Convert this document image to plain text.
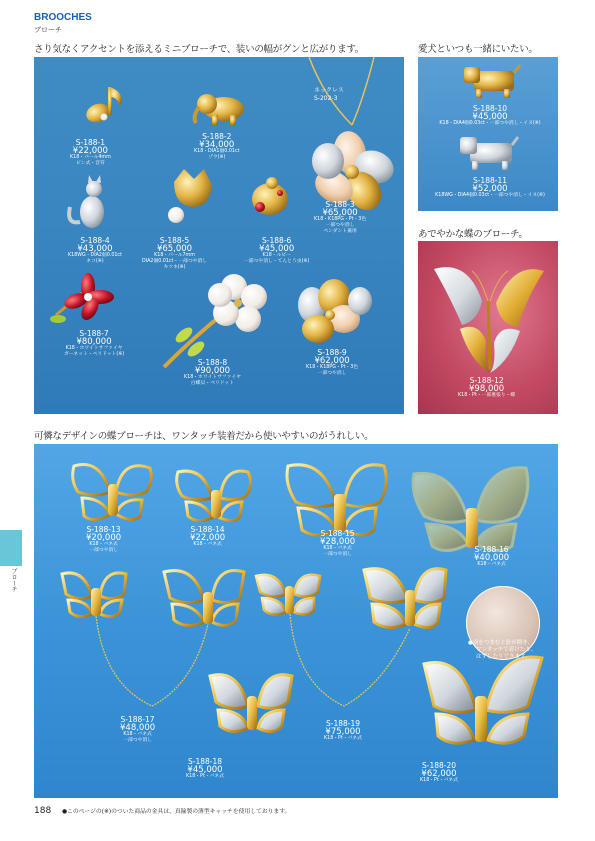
BROOCHES
ブローチ
さり気なくアクセントを添えるミニブローチで、装いの幅がグンと広がります。	愛犬といつも一緒にいたい。
あでやかな蝶のブローチ。
可憐なデザインの蝶ブローチは、ワンタッチ装着だから使いやすいのがうれしい。
ネックレス
S-202-3
S-188-1
¥22,000
K18・パール4mm
ピン式・音符
S-188-2
¥34,000
K18・DIA1個0.01ct
ゾウ(※)
S-188-3
¥65,000
K18・K18PG・Pt・3色
一部つや消し
ペンダント兼用
S-188-4
¥43,000
K18WG・DIA2個0.01ct
ネコ(※)
S-188-5
¥65,000
K18・パール7mm
DIA2個0.01ct・一部つや消し
キツネ(※)
S-188-6
¥45,000
K18・ルビー
一部つや消し・てんとう虫(※)
S-188-7
¥80,000
K18・ホワイトサファイヤ
ガーネット・ペリドット(※)
S-188-8
¥90,000
K18・ホワイトサファイヤ
白蝶貝・ペリドット
S-188-9
¥62,000
K18・K18PG・Pt・3色
一部つや消し
S-188-10
¥45,000
K18・DIA4個0.03ct・一部つや消し・イヌ(※)
S-188-11
¥52,000
K18WG・DIA4個0.03ct・一部つや消し・イヌ(※)
S-188-12
¥98,000
K18・Pt・一部裏張り・蝶
●羽をつまむと針が開き、
ワンタッチで着けたり、
はずしたりできます。
S-188-13
¥20,000
K18・バネ式
一部つや消し
S-188-14
¥22,000
K18・バネ式
S-188-15
¥28,000
K18・バネ式
一部つや消し
S-188-16
¥40,000
K18・バネ式
S-188-17
¥48,000
K18・バネ式
一部つや消し
S-188-18
¥45,000
K18・Pt・バネ式
S-188-19
¥75,000
K18・Pt・バネ式
S-188-20
¥62,000
K18・Pt・バネ式
ブローチ
188 ●このページの(※)のついた商品の金具は、真鍮製の薄型キャッチを使用しております。
